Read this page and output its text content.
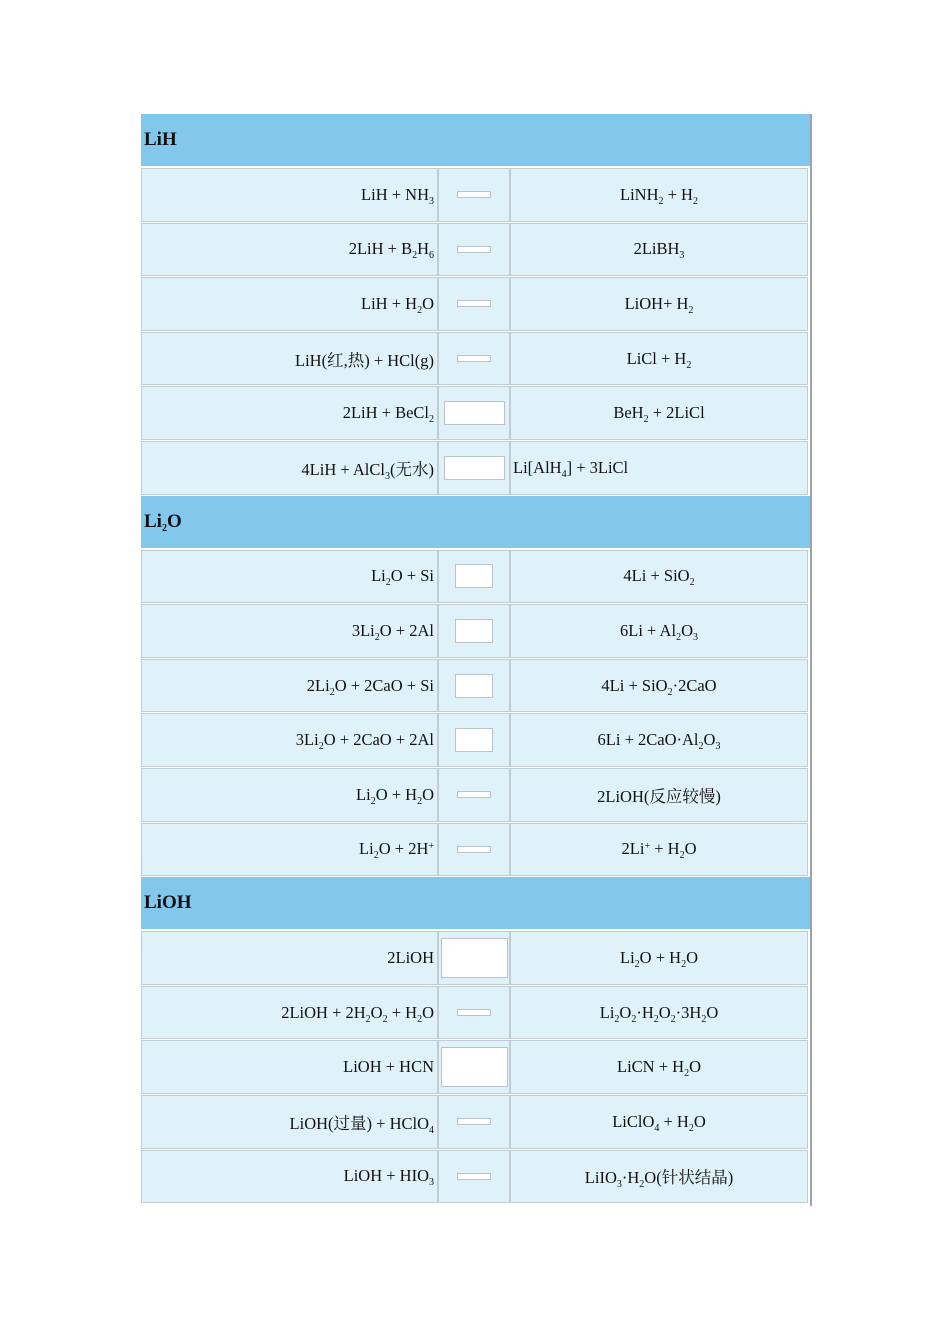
LiH
LiH + $NH_3$	LiNH$_2$ + $H_2$
$2LiH + B_2H_6$	2LiBH$_3$
LiH + $H_2O$	LiOH+ $H_2$
LiH(红,热) + HCl(g)	LiCl + $H_2$
2LiH + BeCl$_2$	BeH$_2$ + 2LiCl
4LiH + AlCl$_3$(无水)	Li[AlH$_4$] + 3LiCl
$Li_2O$
$Li_2O + Si$	4Li + SiO$_2$
$3Li_2O + 2Al$	$6Li + Al_2O_3$
$2Li_2O + 2CaO + Si$	4Li + SiO$_2$·2CaO
$3Li_2O + 2CaO + 2Al$	$6Li + 2CaO\cdot Al_2O_3$
$Li_2O + H_2O$	2LiOH(反应较慢)
$Li_2O + 2H^+$	$2Li^+ + H_2O$
LiOH
2LiOH	$Li_2O + H_2O$
2LiOH + $2H_2O_2 + H_2O$	$Li_2O_2\cdot H_2O_2\cdot 3H_2O$
LiOH + HCN	LiCN + $H_2O$
LiOH(过量) + HClO$_4$	LiClO$_4$ + $H_2O$
LiOH + $HIO_3$	$LiIO_3\cdot H_2O$(针状结晶)
